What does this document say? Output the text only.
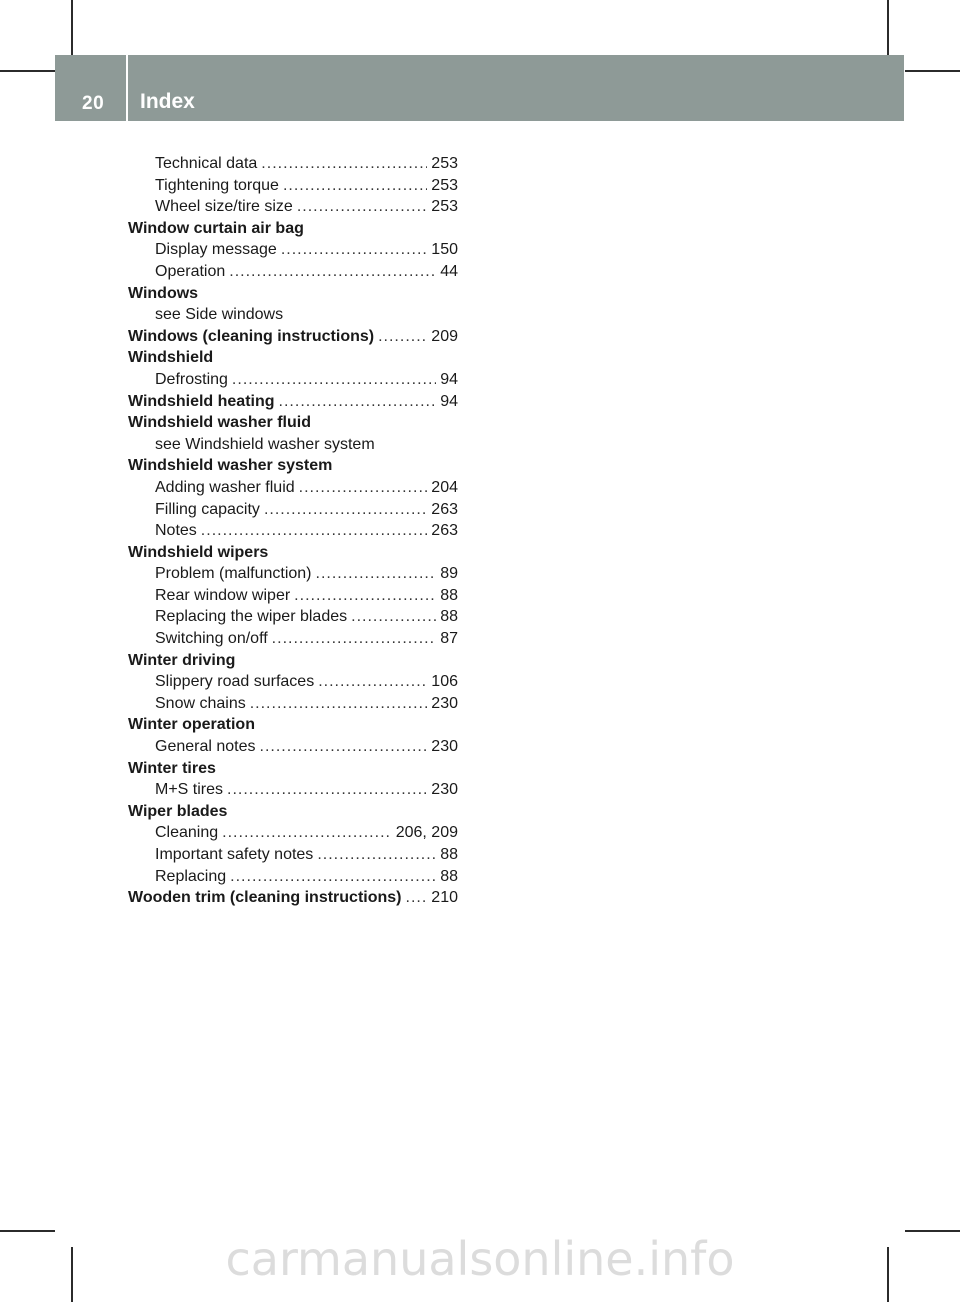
20 Index
Technical data .....	253
Tightening torque .....	253
Wheel size/tire size .....	253
Window curtain air bag
Display message .....	150
Operation .....	44
Windows
see Side windows
Windows (cleaning instructions) .....	209
Windshield
Defrosting .....	94
Windshield heating .....	94
Windshield washer fluid
see Windshield washer system
Windshield washer system
Adding washer fluid .....	204
Filling capacity .....	263
Notes .....	263
Windshield wipers
Problem (malfunction) .....	89
Rear window wiper .....	88
Replacing the wiper blades .....	88
Switching on/off .....	87
Winter driving
Slippery road surfaces .....	106
Snow chains .....	230
Winter operation
General notes .....	230
Winter tires
M+S tires .....	230
Wiper blades
Cleaning .....	206, 209
Important safety notes .....	88
Replacing .....	88
Wooden trim (cleaning instructions) ..... 210
carmanualsonline.info
